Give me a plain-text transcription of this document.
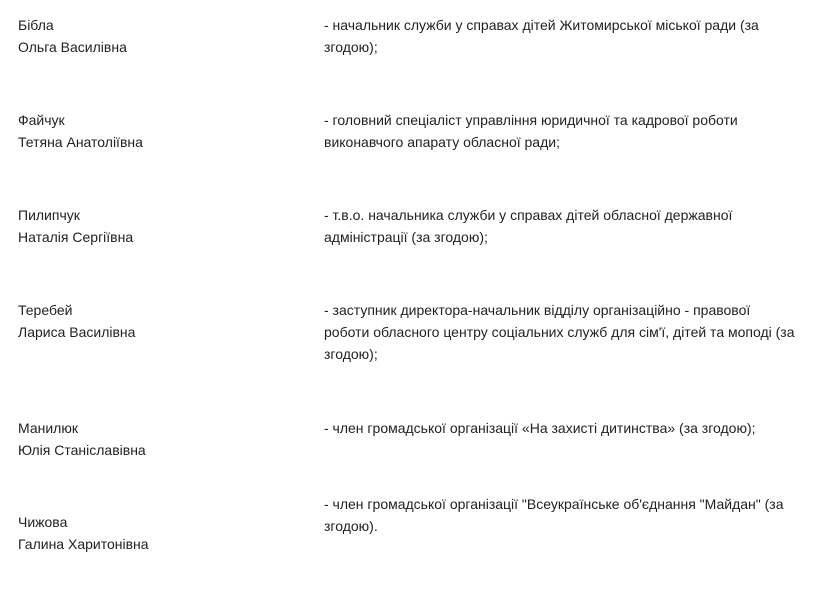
Бібла
Ольга Василівна
- начальник служби у справах дітей Житомирської міської ради (за
згодою);
Файчук
Тетяна Анатоліївна
- головний спеціаліст управління юридичної та кадрової роботи
виконавчого апарату обласної ради;
Пилипчук
Наталія Сергіївна
- т.в.о. начальника служби у справах дітей обласної державної
адміністрації (за згодою);
Теребей
Лариса Василівна
- заступник директора-начальник відділу організаційно - правової
роботи обласного центру соціальних служб для сім'ї, дітей та моподі (за
згодою);
Манилюк
Юлія Станіславівна
- член громадської організації «На захисті дитинства» (за згодою);
Чижова
Галина Харитонівна
- член громадської організації "Всеукраїнське об'єднання "Майдан" (за
згодою).
